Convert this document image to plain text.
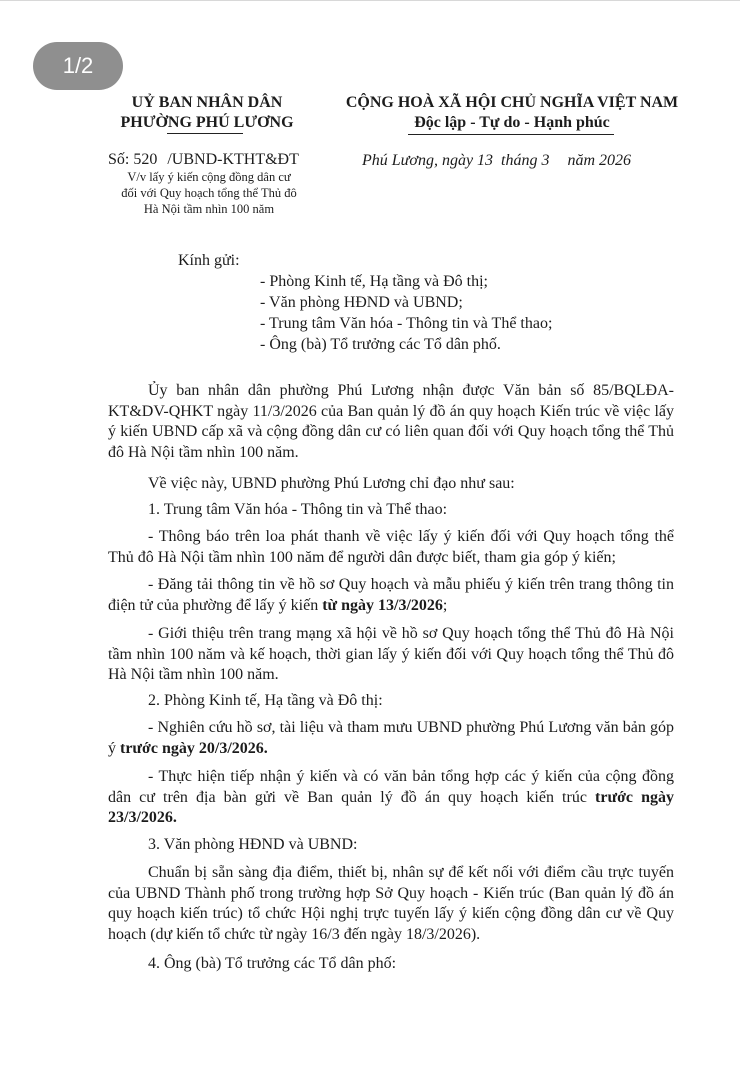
1/2
UỶ BAN NHÂN DÂN
PHƯỜNG PHÚ LƯƠNG
CỘNG HOÀ XÃ HỘI CHỦ NGHĨA VIỆT NAM
Độc lập - Tự do - Hạnh phúc
Số: 520 /UBND-KTHT&ĐT	Phú Lương, ngày 13 tháng 3 năm 2026
V/v lấy ý kiến cộng đồng dân cư
đối với Quy hoạch tổng thể Thủ đô
Hà Nội tầm nhìn 100 năm
Kính gửi:
- Phòng Kinh tế, Hạ tầng và Đô thị;
- Văn phòng HĐND và UBND;
- Trung tâm Văn hóa - Thông tin và Thể thao;
- Ông (bà) Tổ trưởng các Tổ dân phố.
Ủy ban nhân dân phường Phú Lương nhận được Văn bản số 85/BQLĐA-KT&DV-QHKT ngày 11/3/2026 của Ban quản lý đồ án quy hoạch Kiến trúc về việc lấy ý kiến UBND cấp xã và cộng đồng dân cư có liên quan đối với Quy hoạch tổng thể Thủ đô Hà Nội tầm nhìn 100 năm.
Về việc này, UBND phường Phú Lương chỉ đạo như sau:
1. Trung tâm Văn hóa - Thông tin và Thể thao:
- Thông báo trên loa phát thanh về việc lấy ý kiến đối với Quy hoạch tổng thể Thủ đô Hà Nội tầm nhìn 100 năm để người dân được biết, tham gia góp ý kiến;
- Đăng tải thông tin về hồ sơ Quy hoạch và mẫu phiếu ý kiến trên trang thông tin điện tử của phường để lấy ý kiến từ ngày 13/3/2026;
- Giới thiệu trên trang mạng xã hội về hồ sơ Quy hoạch tổng thể Thủ đô Hà Nội tầm nhìn 100 năm và kế hoạch, thời gian lấy ý kiến đối với Quy hoạch tổng thể Thủ đô Hà Nội tầm nhìn 100 năm.
2. Phòng Kinh tế, Hạ tầng và Đô thị:
- Nghiên cứu hồ sơ, tài liệu và tham mưu UBND phường Phú Lương văn bản góp ý trước ngày 20/3/2026.
- Thực hiện tiếp nhận ý kiến và có văn bản tổng hợp các ý kiến của cộng đồng dân cư trên địa bàn gửi về Ban quản lý đồ án quy hoạch kiến trúc trước ngày 23/3/2026.
3. Văn phòng HĐND và UBND:
Chuẩn bị sẵn sàng địa điểm, thiết bị, nhân sự để kết nối với điểm cầu trực tuyến của UBND Thành phố trong trường hợp Sở Quy hoạch - Kiến trúc (Ban quản lý đồ án quy hoạch kiến trúc) tổ chức Hội nghị trực tuyến lấy ý kiến cộng đồng dân cư về Quy hoạch (dự kiến tổ chức từ ngày 16/3 đến ngày 18/3/2026).
4. Ông (bà) Tổ trưởng các Tổ dân phố:
